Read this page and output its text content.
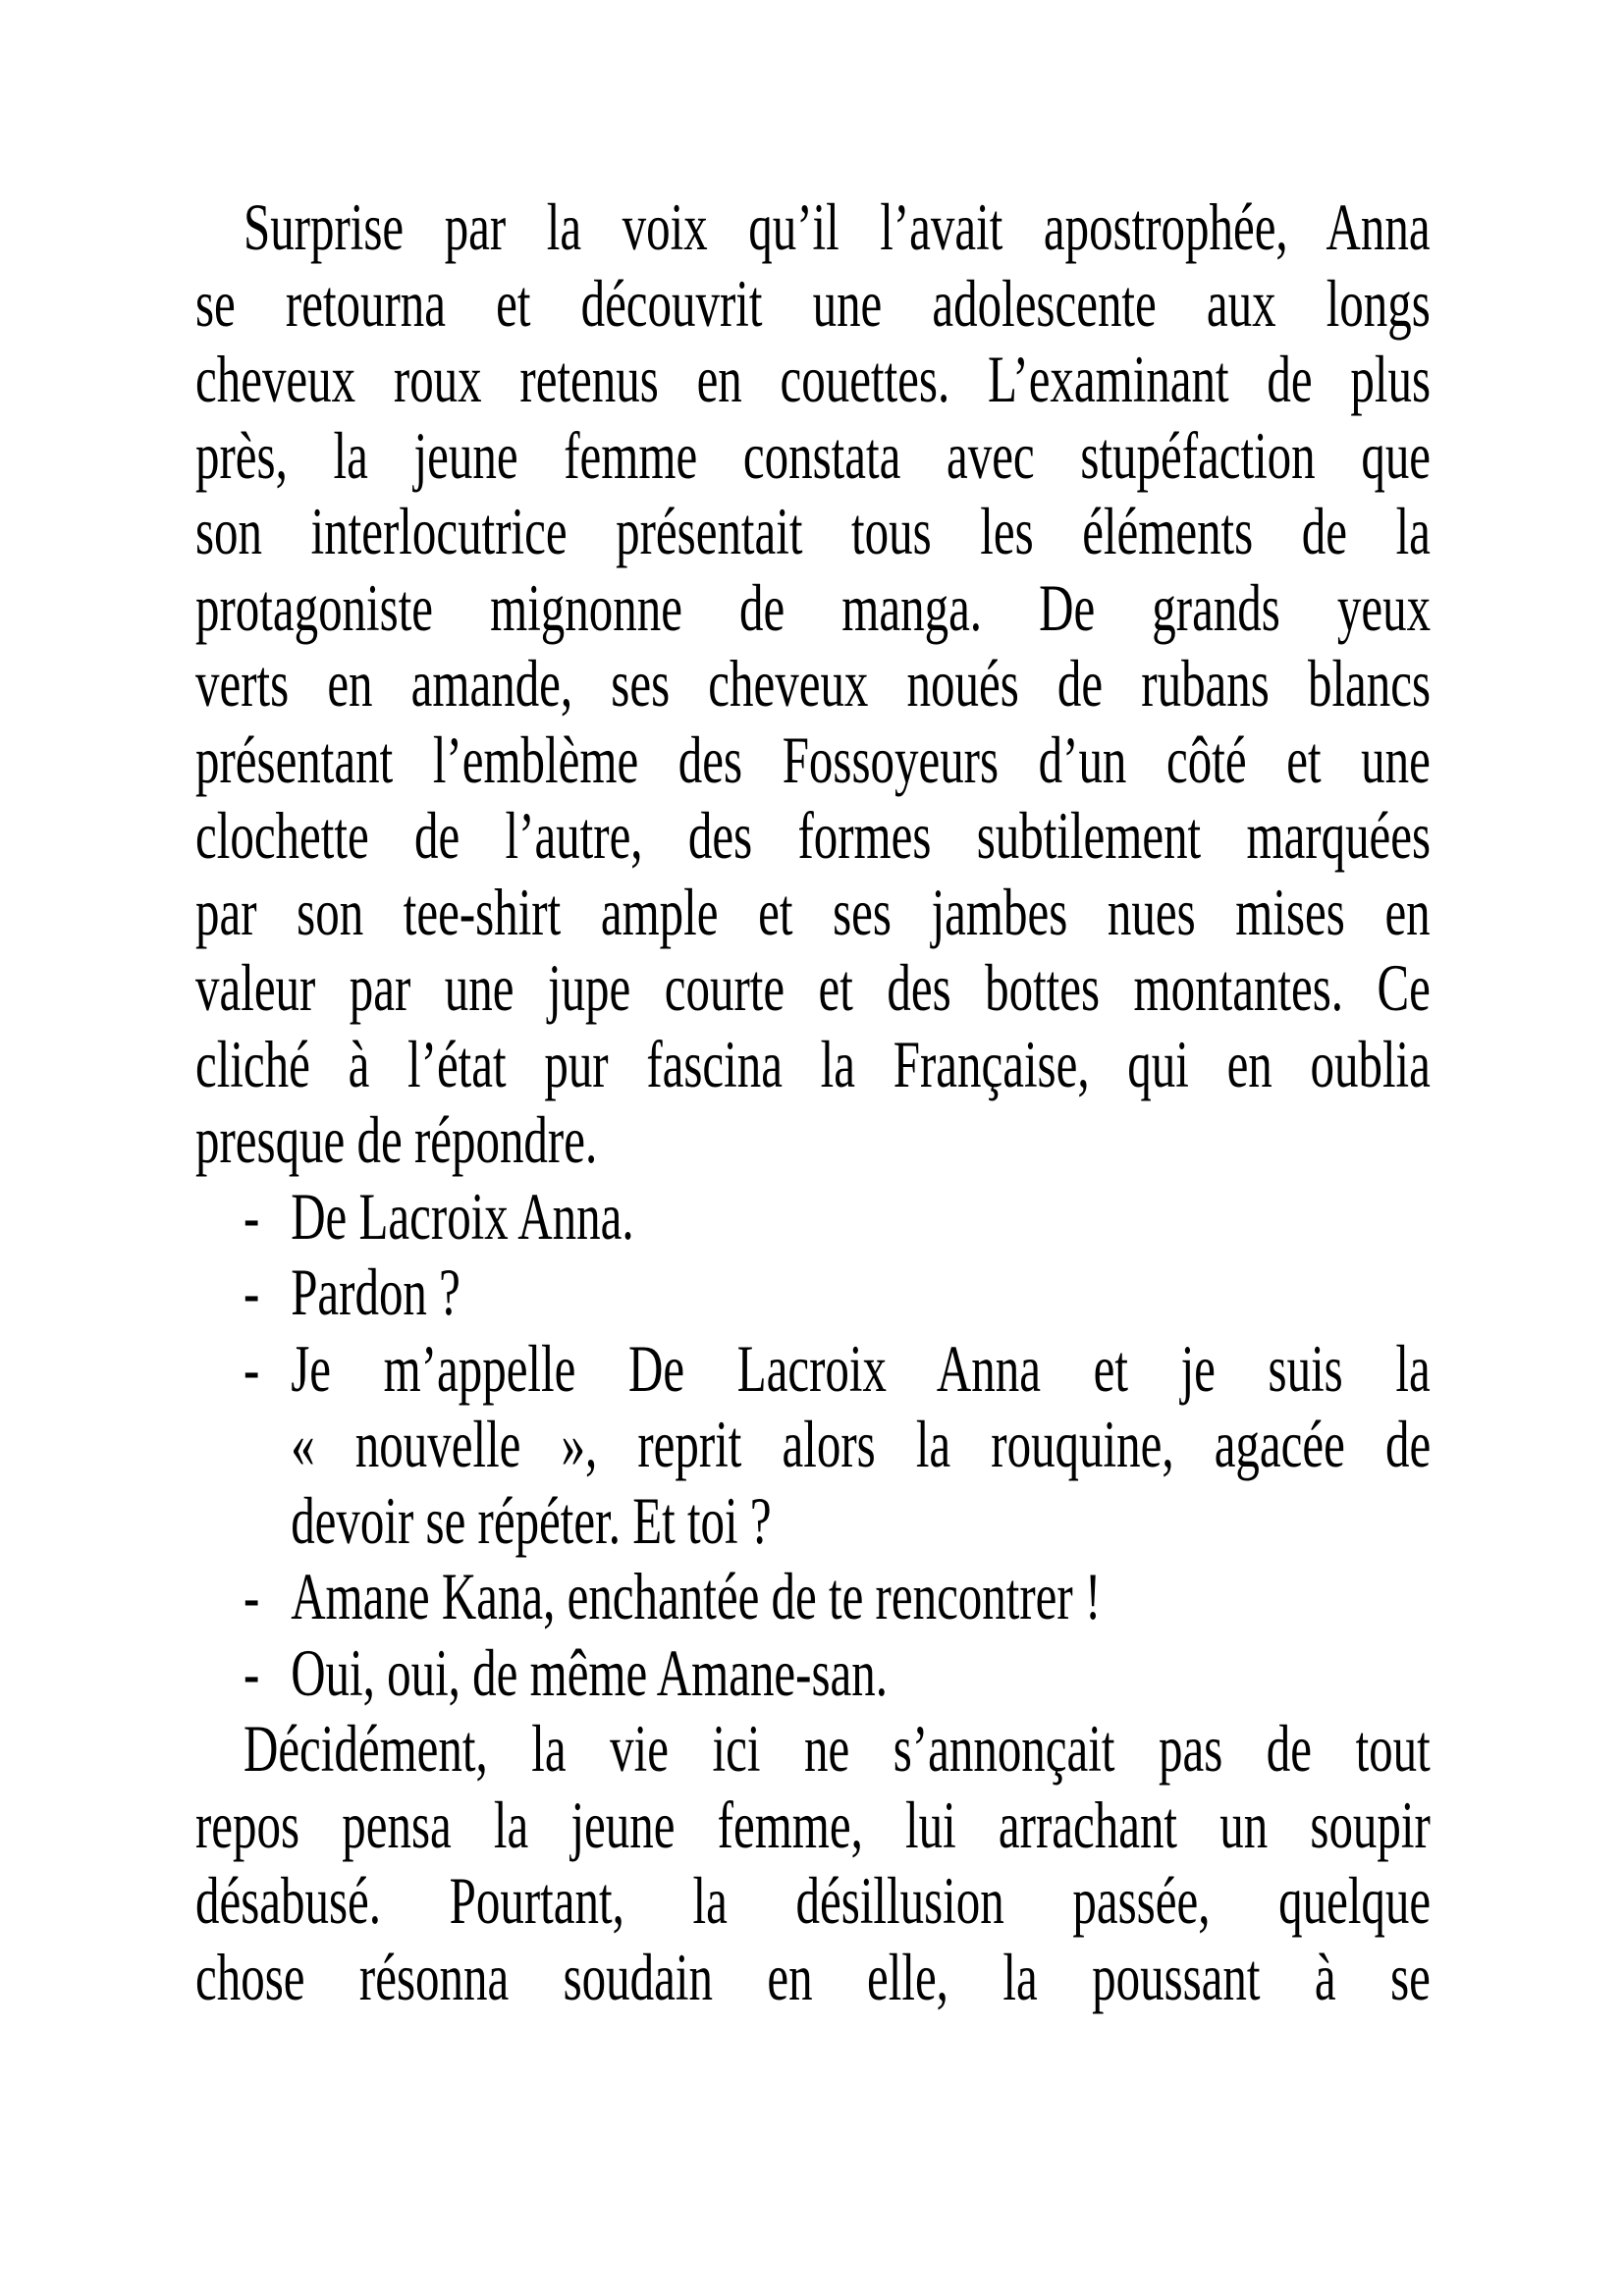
Surprise par la voix qu’il l’avait apostrophée, Anna
se retourna et découvrit une adolescente aux longs
cheveux roux retenus en couettes. L’examinant de plus
près, la jeune femme constata avec stupéfaction que
son interlocutrice présentait tous les éléments de la
protagoniste mignonne de manga. De grands yeux
verts en amande, ses cheveux noués de rubans blancs
présentant l’emblème des Fossoyeurs d’un côté et une
clochette de l’autre, des formes subtilement marquées
par son tee-shirt ample et ses jambes nues mises en
valeur par une jupe courte et des bottes montantes. Ce
cliché à l’état pur fascina la Française, qui en oublia
presque de répondre.
- De Lacroix Anna.
- Pardon ?
- Je m’appelle De Lacroix Anna et je suis la
« nouvelle », reprit alors la rouquine, agacée de
devoir se répéter. Et toi ?
- Amane Kana, enchantée de te rencontrer !
- Oui, oui, de même Amane-san.
Décidément, la vie ici ne s’annonçait pas de tout
repos pensa la jeune femme, lui arrachant un soupir
désabusé. Pourtant, la désillusion passée, quelque
chose résonna soudain en elle, la poussant à se
